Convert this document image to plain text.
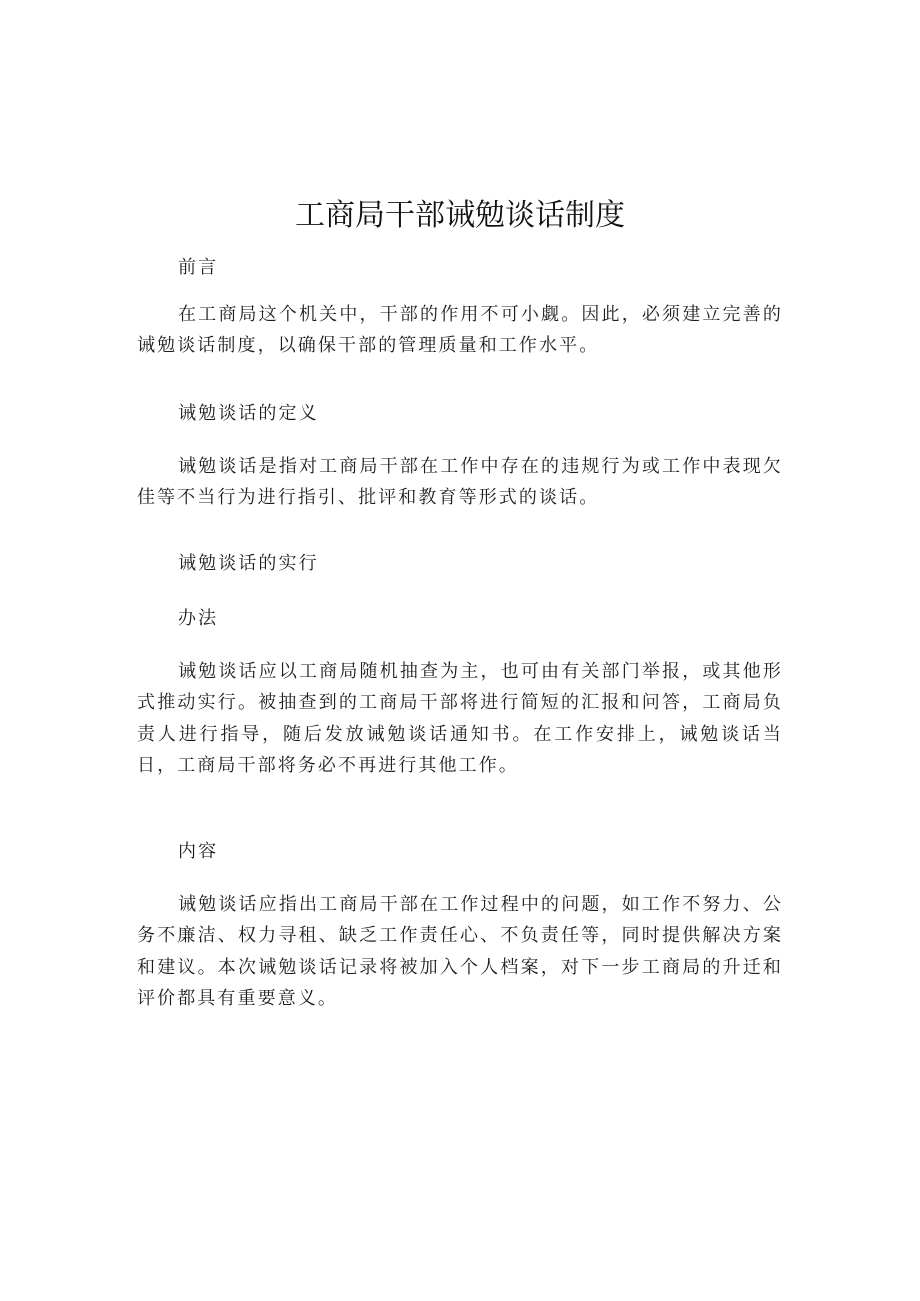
工商局干部诫勉谈话制度
前言

在工商局这个机关中，干部的作用不可小觑。因此，必须建立完善的诫勉谈话制度，以确保干部的管理质量和工作水平。

诫勉谈话的定义

诫勉谈话是指对工商局干部在工作中存在的违规行为或工作中表现欠佳等不当行为进行指引、批评和教育等形式的谈话。

诫勉谈话的实行
办法

诫勉谈话应以工商局随机抽查为主，也可由有关部门举报，或其他形式推动实行。被抽查到的工商局干部将进行简短的汇报和问答，工商局负责人进行指导，随后发放诫勉谈话通知书。在工作安排上，诫勉谈话当日，工商局干部将务必不再进行其他工作。

内容

诫勉谈话应指出工商局干部在工作过程中的问题，如工作不努力、公务不廉洁、权力寻租、缺乏工作责任心、不负责任等，同时提供解决方案和建议。本次诫勉谈话记录将被加入个人档案，对下一步工商局的升迁和评价都具有重要意义。
